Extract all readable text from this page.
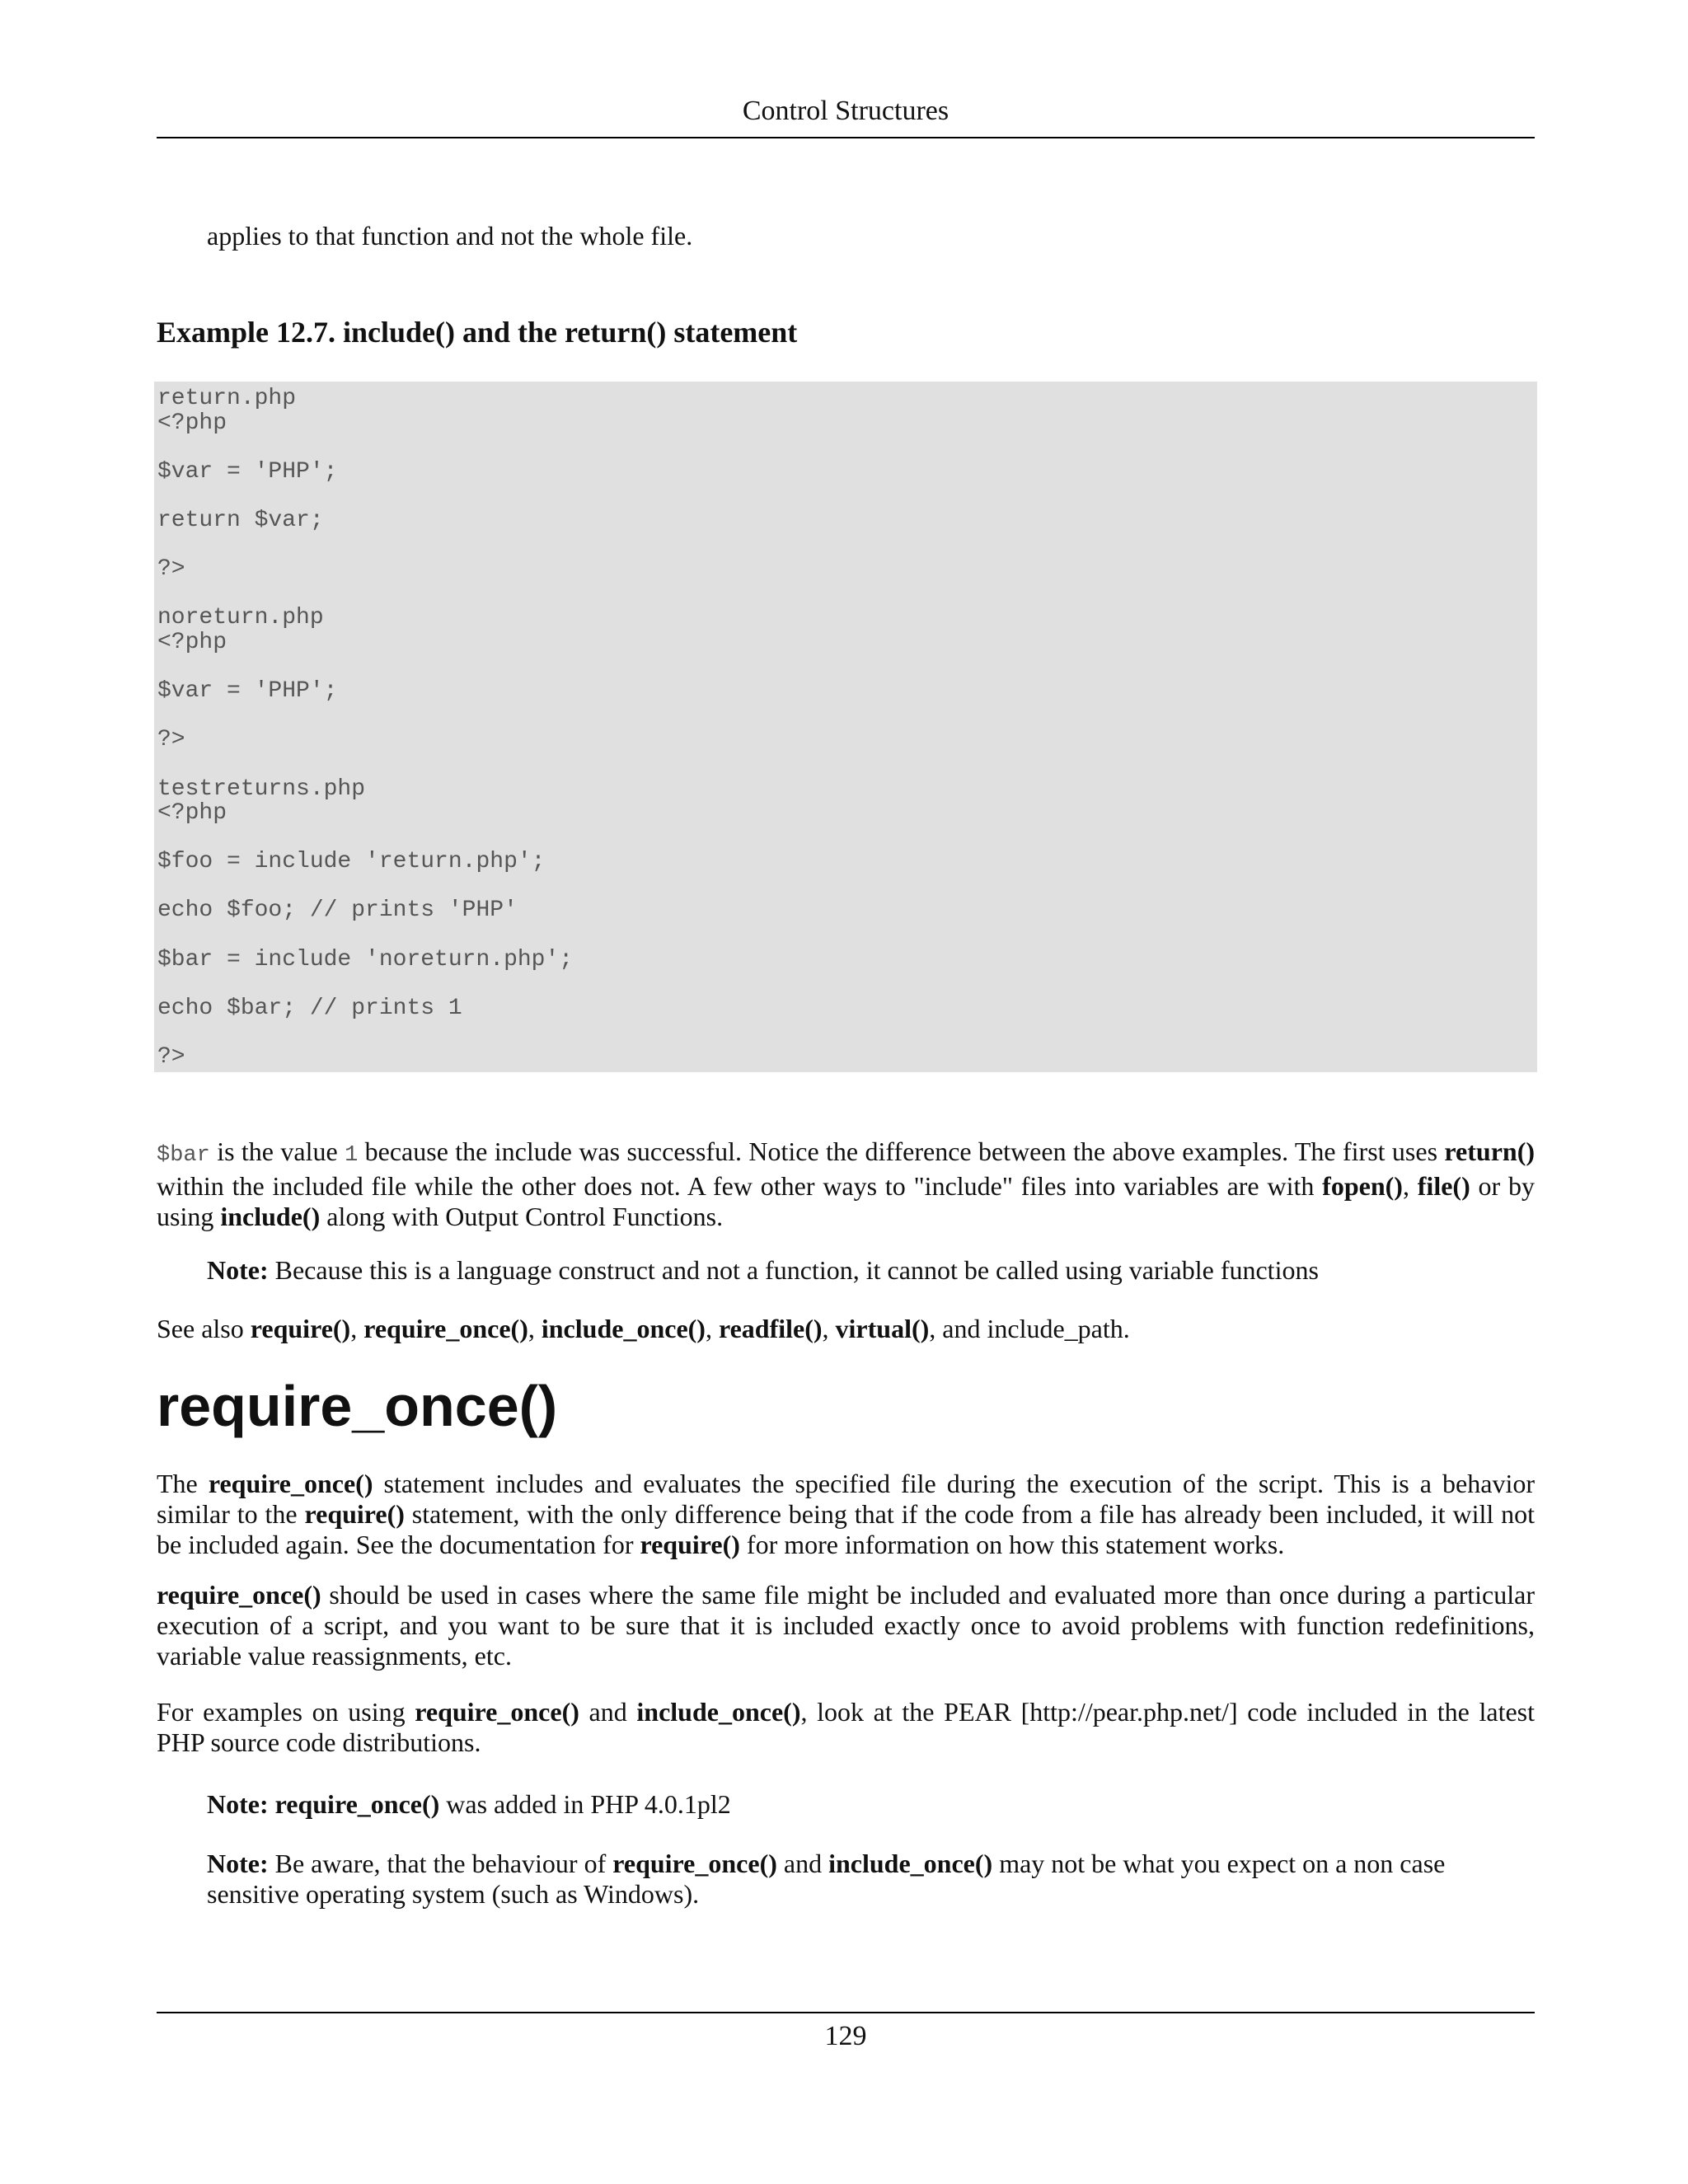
Control Structures
applies to that function and not the whole file.
Example 12.7. include() and the return() statement
return.php
<?php
$var = 'PHP';
return $var;
?>
noreturn.php
<?php
$var = 'PHP';
?>
testreturns.php
<?php
$foo = include 'return.php';
echo $foo; // prints 'PHP'
$bar = include 'noreturn.php';
echo $bar; // prints 1
?>

$bar is the value 1 because the include was successful. Notice the difference between the above examples. The first uses return() within the included file while the other does not. A few other ways to "include" files into variables are with fopen(), file() or by using include() along with Output Control Functions.

Note: Because this is a language construct and not a function, it cannot be called using variable functions

See also require(), require_once(), include_once(), readfile(), virtual(), and include_path.

require_once()

The require_once() statement includes and evaluates the specified file during the execution of the script. This is a behavior similar to the require() statement, with the only difference being that if the code from a file has already been included, it will not be included again. See the documentation for require() for more information on how this statement works.

require_once() should be used in cases where the same file might be included and evaluated more than once during a particular execution of a script, and you want to be sure that it is included exactly once to avoid problems with function redefinitions, variable value reassignments, etc.

For examples on using require_once() and include_once(), look at the PEAR [http://pear.php.net/] code included in the latest PHP source code distributions.

Note: require_once() was added in PHP 4.0.1pl2

Note: Be aware, that the behaviour of require_once() and include_once() may not be what you expect on a non case sensitive operating system (such as Windows).

129
